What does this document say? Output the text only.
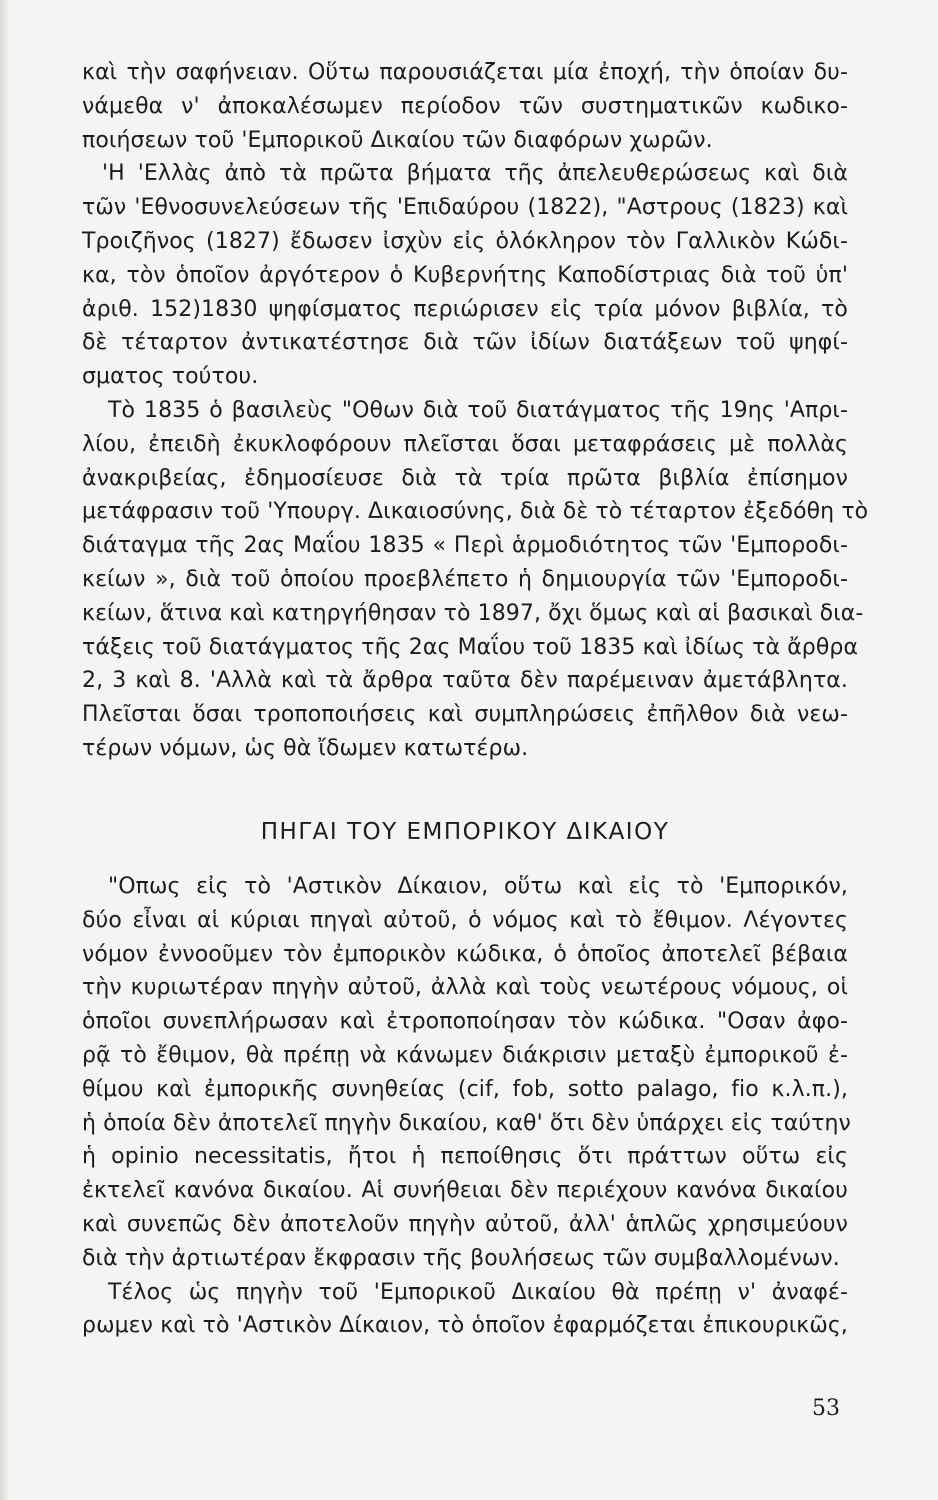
καὶ τὴν σαφήνειαν. Οὕτω παρουσιάζεται μία ἐποχή, τὴν ὁποίαν δυ-
νάμεθα ν' ἀποκαλέσωμεν περίοδον τῶν συστηματικῶν κωδικο-
ποιήσεων τοῦ 'Εμπορικοῦ Δικαίου τῶν διαφόρων χωρῶν.
'Η 'Ελλὰς ἀπὸ τὰ πρῶτα βήματα τῆς ἀπελευθερώσεως καὶ διὰ
τῶν 'Εθνοσυνελεύσεων τῆς 'Επιδαύρου (1822), "Αστρους (1823) καὶ
Τροιζῆνος (1827) ἔδωσεν ἰσχὺν εἰς ὁλόκληρον τὸν Γαλλικὸν Κώδι-
κα, τὸν ὁποῖον ἀργότερον ὁ Κυβερνήτης Καποδίστριας διὰ τοῦ ὑπ'
ἀριθ. 152)1830 ψηφίσματος περιώρισεν εἰς τρία μόνον βιβλία, τὸ
δὲ τέταρτον ἀντικατέστησε διὰ τῶν ἰδίων διατάξεων τοῦ ψηφί-
σματος τούτου.
Τὸ 1835 ὁ βασιλεὺς "Οθων διὰ τοῦ διατάγματος τῆς 19ης 'Απρι-
λίου, ἐπειδὴ ἐκυκλοφόρουν πλεῖσται ὅσαι μεταφράσεις μὲ πολλὰς
ἀνακριβείας, ἐδημοσίευσε διὰ τὰ τρία πρῶτα βιβλία ἐπίσημον
μετάφρασιν τοῦ 'Υπουργ. Δικαιοσύνης, διὰ δὲ τὸ τέταρτον ἐξεδόθη τὸ
διάταγμα τῆς 2ας Μαΐου 1835 « Περὶ ἁρμοδιότητος τῶν 'Εμποροδι-
κείων », διὰ τοῦ ὁποίου προεβλέπετο ἡ δημιουργία τῶν 'Εμποροδι-
κείων, ἅτινα καὶ κατηργήθησαν τὸ 1897, ὄχι ὅμως καὶ αἱ βασικαὶ δια-
τάξεις τοῦ διατάγματος τῆς 2ας Μαΐου τοῦ 1835 καὶ ἰδίως τὰ ἄρθρα
2, 3 καὶ 8. 'Αλλὰ καὶ τὰ ἄρθρα ταῦτα δὲν παρέμειναν ἀμετάβλητα.
Πλεῖσται ὅσαι τροποποιήσεις καὶ συμπληρώσεις ἐπῆλθον διὰ νεω-
τέρων νόμων, ὡς θὰ ἴδωμεν κατωτέρω.
ΠΗΓΑΙ ΤΟΥ ΕΜΠΟΡΙΚΟΥ ΔΙΚΑΙΟΥ
"Οπως εἰς τὸ 'Αστικὸν Δίκαιον, οὕτω καὶ εἰς τὸ 'Εμπορικόν,
δύο εἶναι αἱ κύριαι πηγαὶ αὐτοῦ, ὁ νόμος καὶ τὸ ἔθιμον. Λέγοντες
νόμον ἐννοοῦμεν τὸν ἐμπορικὸν κώδικα, ὁ ὁποῖος ἀποτελεῖ βέβαια
τὴν κυριωτέραν πηγὴν αὐτοῦ, ἀλλὰ καὶ τοὺς νεωτέρους νόμους, οἱ
ὁποῖοι συνεπλήρωσαν καὶ ἐτροποποίησαν τὸν κώδικα. "Οσαν ἀφο-
ρᾷ τὸ ἔθιμον, θὰ πρέπῃ νὰ κάνωμεν διάκρισιν μεταξὺ ἐμπορικοῦ ἐ-
θίμου καὶ ἐμπορικῆς συνηθείας (cif, fob, sotto palago, fio κ.λ.π.),
ἡ ὁποία δὲν ἀποτελεῖ πηγὴν δικαίου, καθ' ὅτι δὲν ὑπάρχει εἰς ταύτην
ἡ opinio necessitatis, ἤτοι ἡ πεποίθησις ὅτι πράττων οὕτω εἰς
ἐκτελεῖ κανόνα δικαίου. Αἱ συνήθειαι δὲν περιέχουν κανόνα δικαίου
καὶ συνεπῶς δὲν ἀποτελοῦν πηγὴν αὐτοῦ, ἀλλ' ἁπλῶς χρησιμεύουν
διὰ τὴν ἀρτιωτέραν ἔκφρασιν τῆς βουλήσεως τῶν συμβαλλομένων.
Τέλος ὡς πηγὴν τοῦ 'Εμπορικοῦ Δικαίου θὰ πρέπῃ ν' ἀναφέ-
ρωμεν καὶ τὸ 'Αστικὸν Δίκαιον, τὸ ὁποῖον ἐφαρμόζεται ἐπικουρικῶς,
53
